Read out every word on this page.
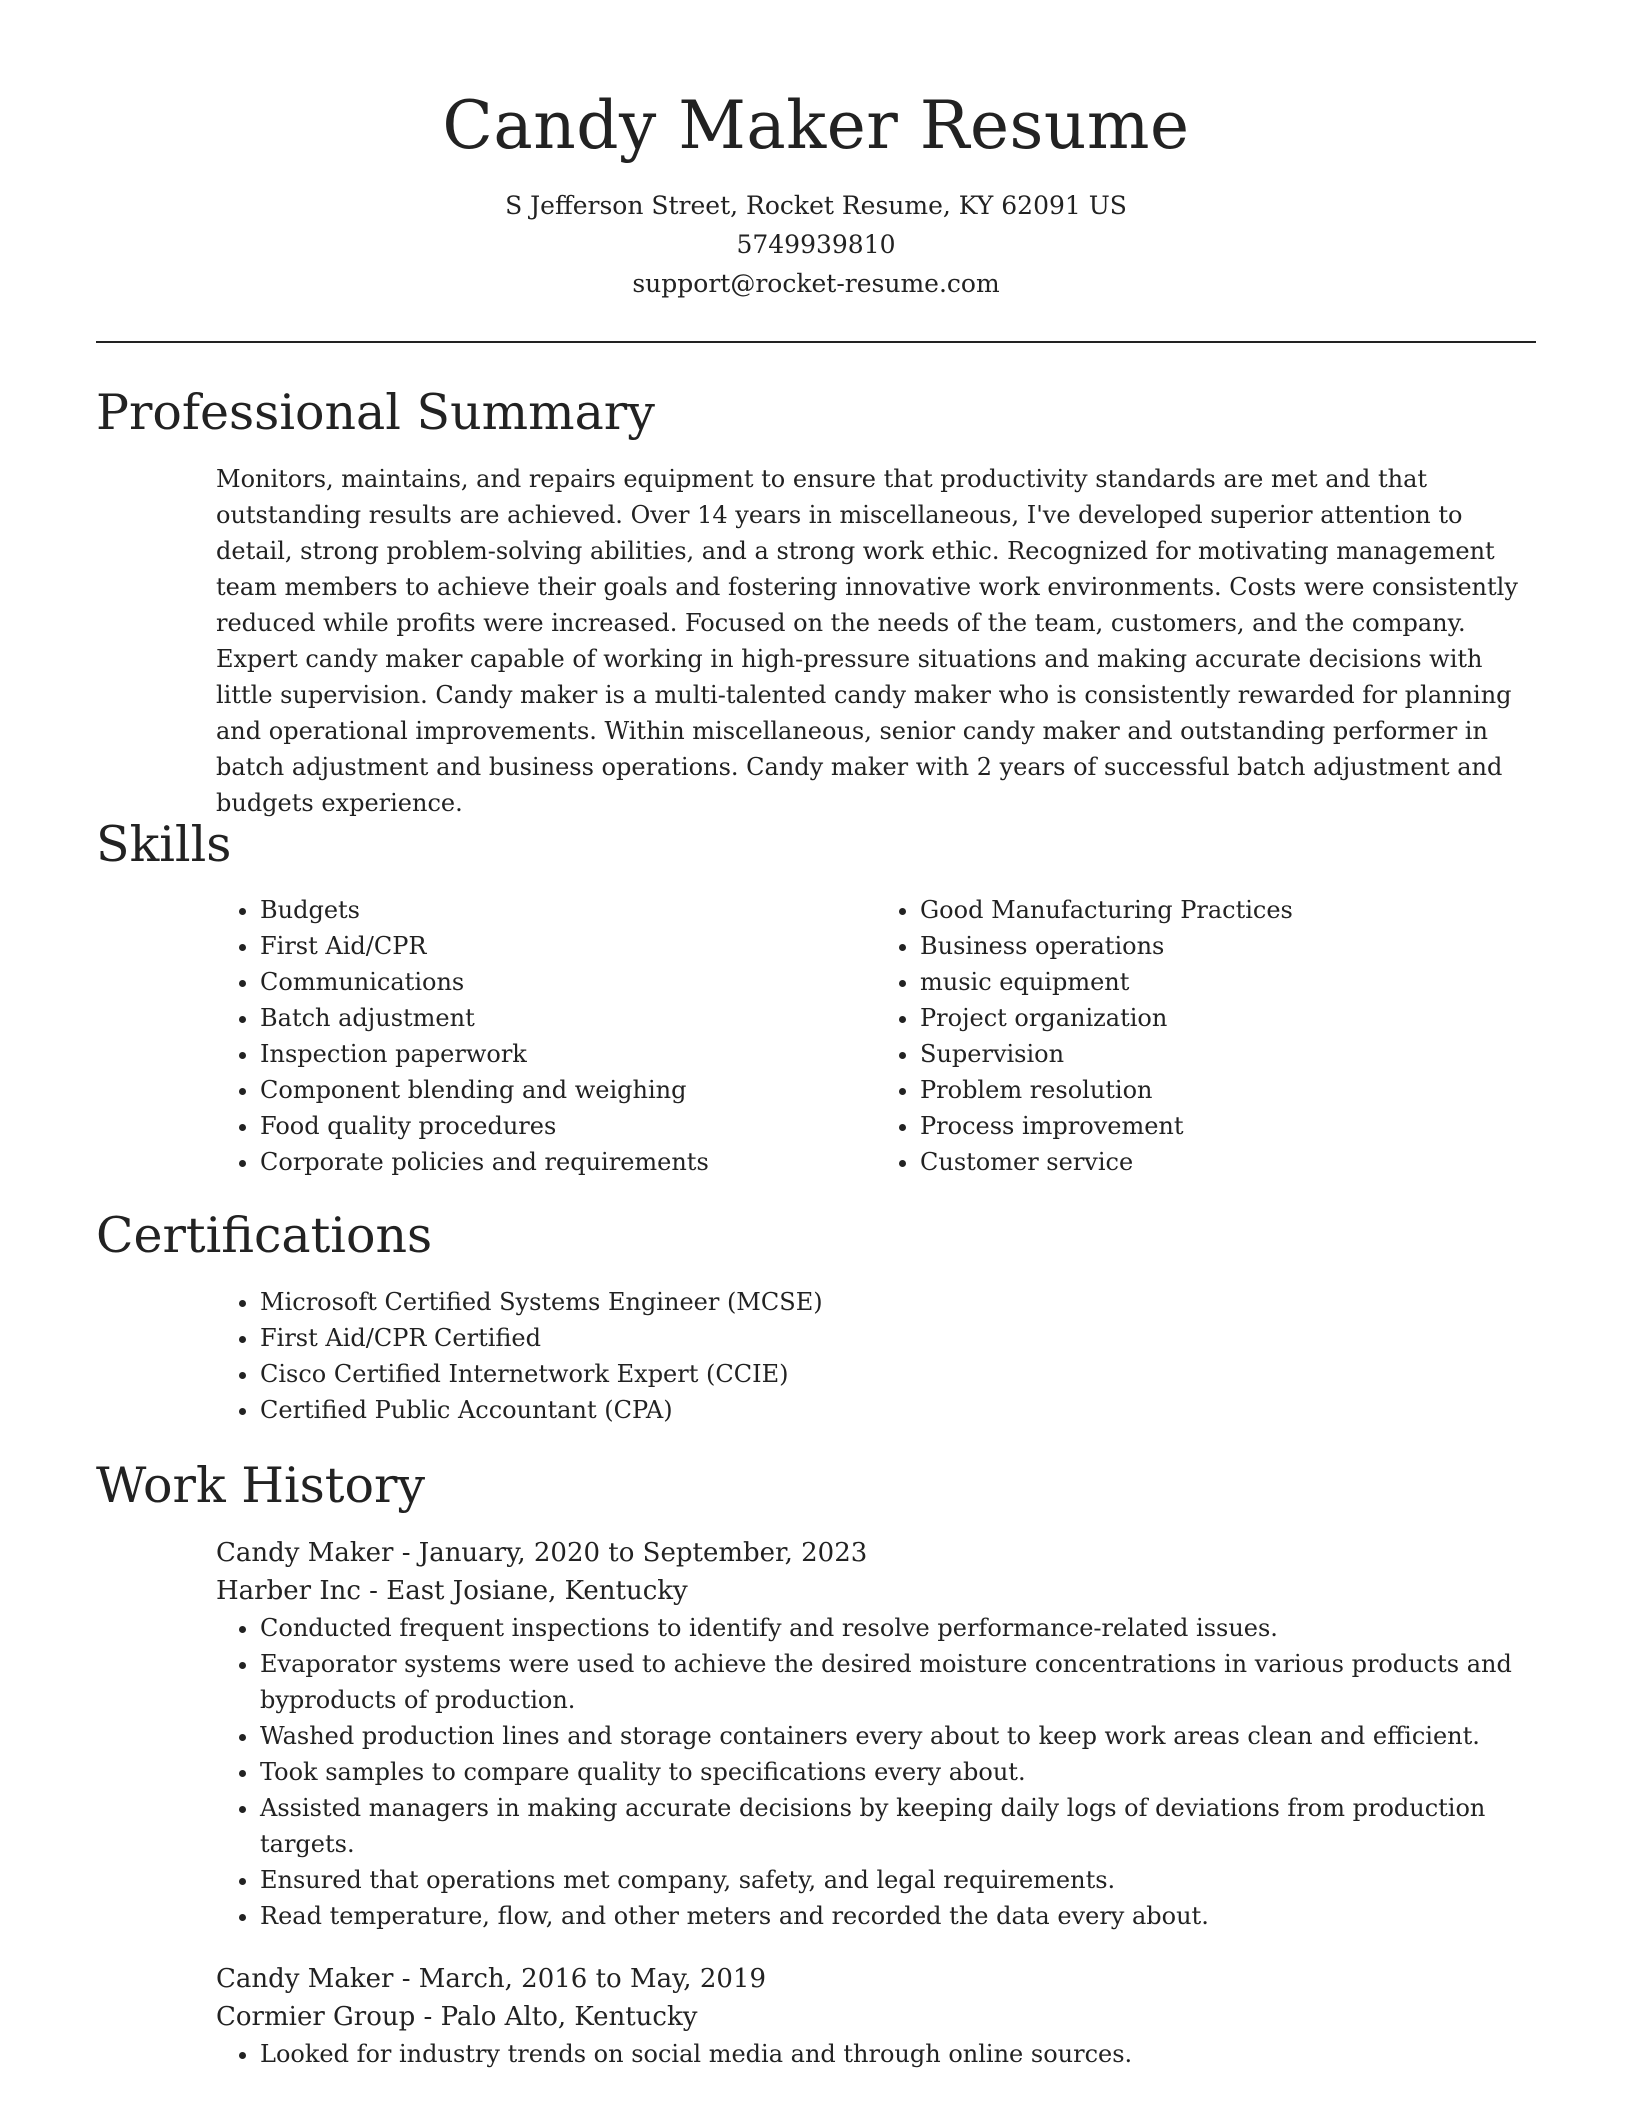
Candy Maker Resume
S Jefferson Street, Rocket Resume, KY 62091 US
5749939810
support@rocket-resume.com
Professional Summary

Monitors, maintains, and repairs equipment to ensure that productivity standards are met and that outstanding results are achieved. Over 14 years in miscellaneous, I've developed superior attention to detail, strong problem-solving abilities, and a strong work ethic. Recognized for motivating management team members to achieve their goals and fostering innovative work environments. Costs were consistently reduced while profits were increased. Focused on the needs of the team, customers, and the company. Expert candy maker capable of working in high-pressure situations and making accurate decisions with little supervision. Candy maker is a multi-talented candy maker who is consistently rewarded for planning and operational improvements. Within miscellaneous, senior candy maker and outstanding performer in batch adjustment and business operations. Candy maker with 2 years of successful batch adjustment and budgets experience.

Skills
• Budgets
• First Aid/CPR
• Communications
• Batch adjustment
• Inspection paperwork
• Component blending and weighing
• Food quality procedures
• Corporate policies and requirements
• Good Manufacturing Practices
• Business operations
• music equipment
• Project organization
• Supervision
• Problem resolution
• Process improvement
• Customer service
Certifications
• Microsoft Certified Systems Engineer (MCSE)
• First Aid/CPR Certified
• Cisco Certified Internetwork Expert (CCIE)
• Certified Public Accountant (CPA)
Work History
Candy Maker - January, 2020 to September, 2023
Harber Inc - East Josiane, Kentucky
• Conducted frequent inspections to identify and resolve performance-related issues.
• Evaporator systems were used to achieve the desired moisture concentrations in various products and byproducts of production.
• Washed production lines and storage containers every about to keep work areas clean and efficient.
• Took samples to compare quality to specifications every about.
• Assisted managers in making accurate decisions by keeping daily logs of deviations from production targets.
• Ensured that operations met company, safety, and legal requirements.
• Read temperature, flow, and other meters and recorded the data every about.
Candy Maker - March, 2016 to May, 2019
Cormier Group - Palo Alto, Kentucky
• Looked for industry trends on social media and through online sources.
